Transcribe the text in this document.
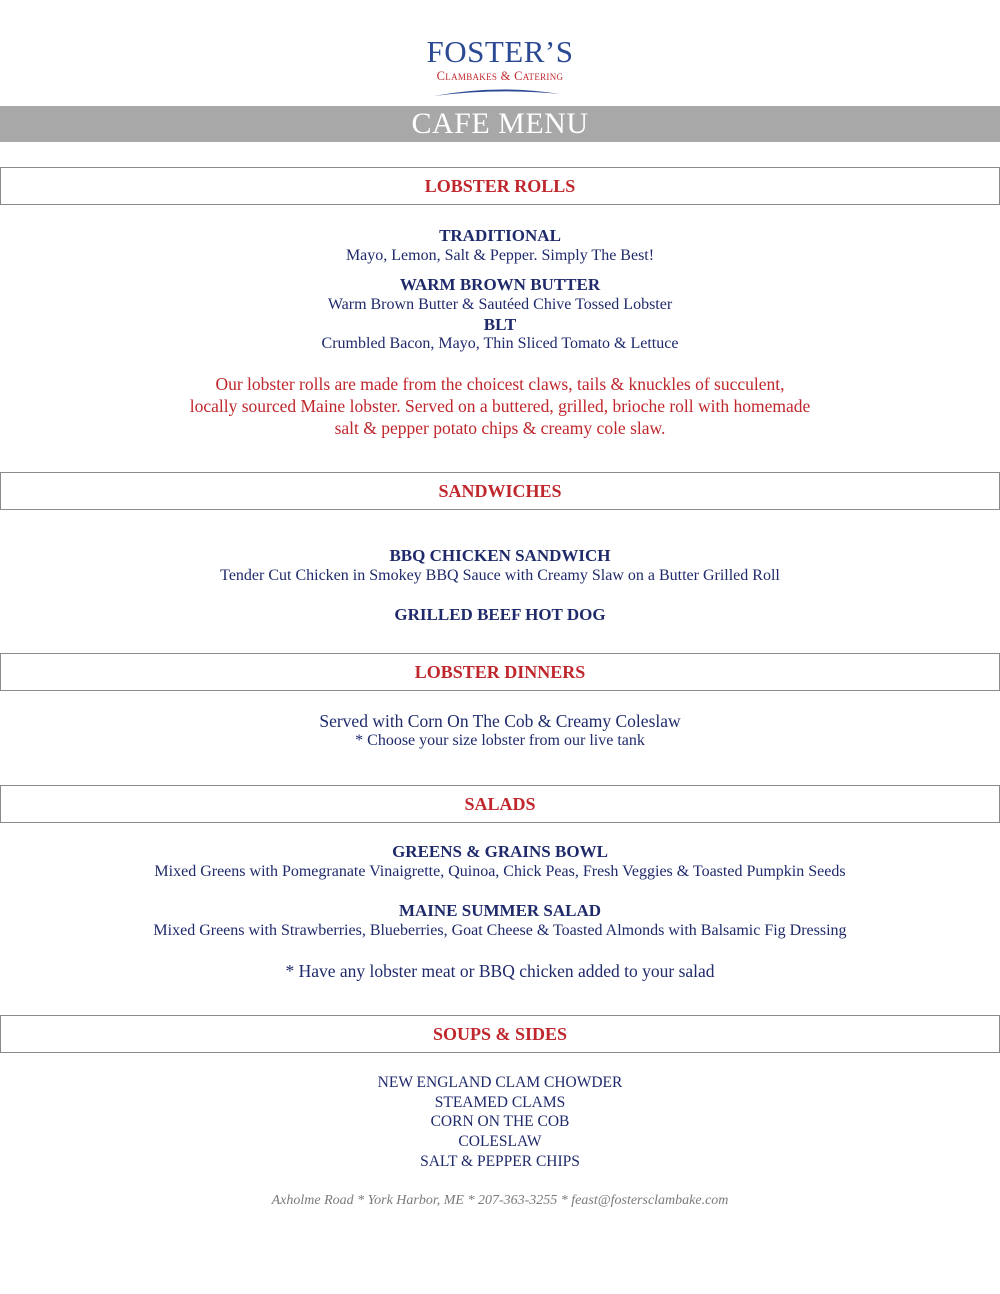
FOSTER’S
Clambakes & Catering
CAFE MENU
LOBSTER ROLLS
TRADITIONAL
Mayo, Lemon, Salt & Pepper. Simply The Best!
WARM BROWN BUTTER
Warm Brown Butter & Sautéed Chive Tossed Lobster
BLT
Crumbled Bacon, Mayo, Thin Sliced Tomato & Lettuce
Our lobster rolls are made from the choicest claws, tails & knuckles of succulent,
locally sourced Maine lobster. Served on a buttered, grilled, brioche roll with homemade
salt & pepper potato chips & creamy cole slaw.
SANDWICHES
BBQ CHICKEN SANDWICH
Tender Cut Chicken in Smokey BBQ Sauce with Creamy Slaw on a Butter Grilled Roll
GRILLED BEEF HOT DOG
LOBSTER DINNERS
Served with Corn On The Cob & Creamy Coleslaw
* Choose your size lobster from our live tank
SALADS
GREENS & GRAINS BOWL
Mixed Greens with Pomegranate Vinaigrette, Quinoa, Chick Peas, Fresh Veggies & Toasted Pumpkin Seeds
MAINE SUMMER SALAD
Mixed Greens with Strawberries, Blueberries, Goat Cheese & Toasted Almonds with Balsamic Fig Dressing
* Have any lobster meat or BBQ chicken added to your salad
SOUPS & SIDES
NEW ENGLAND CLAM CHOWDER
STEAMED CLAMS
CORN ON THE COB
COLESLAW
SALT & PEPPER CHIPS
Axholme Road * York Harbor, ME * 207-363-3255 * feast@fostersclambake.com
